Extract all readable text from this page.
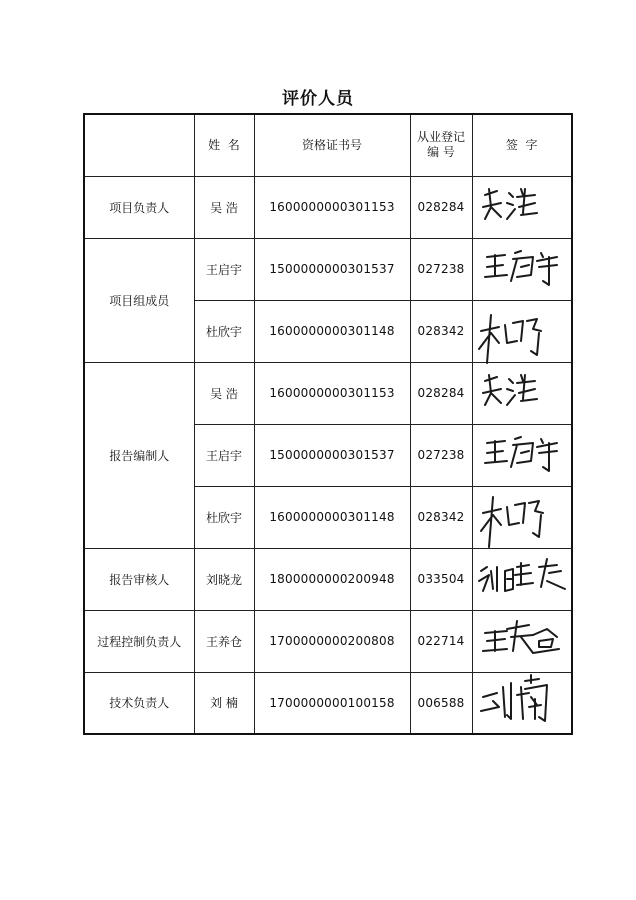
评价人员
	姓  名	资格证书号	从业登记编 号	签  字
项目负责人	吴 浩	1600000000301153	028284	

项目组成员	王启宇	1500000000301537	027238	

	杜欣宇	1600000000301148	028342	

报告编制人	吴 浩	1600000000301153	028284	

	王启宇	1500000000301537	027238	

	杜欣宇	1600000000301148	028342	

报告审核人	刘晓龙	1800000000200948	033504	

过程控制负责人	王养仓	1700000000200808	022714	

技术负责人	刘 楠	1700000000100158	006588	
